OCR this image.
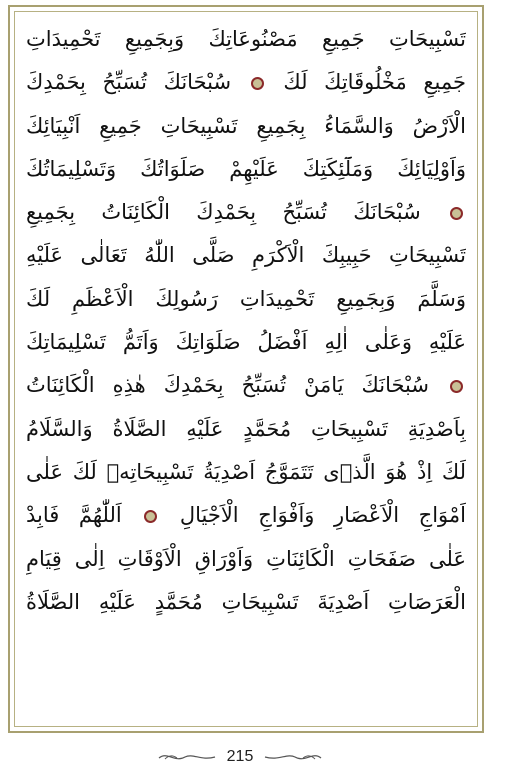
تَسْبِيحَاتِ جَمِيعِ مَصْنُوعَاتِكَ وَبِجَمِيعِ تَحْمِيدَاتِ
جَمِيعِ مَخْلُوقَاتِكَ لَكَ  سُبْحَانَكَ تُسَبِّحُ بِحَمْدِكَ
الْاَرْضُ وَالسَّمَاءُ بِجَمِيعِ تَسْبِيحَاتِ جَمِيعِ اَنْبِيَائِكَ
وَاَوْلِيَائِكَ وَمَلَٓئِكَتِكَ عَلَيْهِمْ صَلَوَاتُكَ وَتَسْلِيمَاتُكَ
سُبْحَانَكَ تُسَبِّحُ بِحَمْدِكَ الْكَائِنَاتُ بِجَمِيعِ
تَسْبِيحَاتِ حَبِيبِكَ الْاَكْرَمِ صَلَّى اللّٰهُ تَعَالٰى عَلَيْهِ
وَسَلَّمَ وَبِجَمِيعِ تَحْمِيدَاتِ رَسُولِكَ الْاَعْظَمِ لَكَ
عَلَيْهِ وَعَلٰى اٰلِهِ اَفْضَلُ صَلَوَاتِكَ وَاَتَمُّ تَسْلِيمَاتِكَ
سُبْحَانَكَ يَامَنْ تُسَبِّحُ بِحَمْدِكَ هٰذِهِ الْكَائِنَاتُ
بِاَصْدِيَةِ تَسْبِيحَاتِ مُحَمَّدٍ عَلَيْهِ الصَّلَاةُ وَالسَّلَامُ
لَكَ اِذْ هُوَ الَّذٖى تَتَمَوَّجُ اَصْدِيَةُ تَسْبِيحَاتِهٖ لَكَ عَلٰى
اَمْوَاجِ الْاَعْصَارِ وَاَفْوَاجِ الْاَجْيَالِ  اَللّٰهُمَّ فَابِدْ
عَلٰى صَفَحَاتِ الْكَائِنَاتِ وَاَوْرَاقِ الْاَوْقَاتِ اِلٰى قِيَامِ
الْعَرَصَاتِ اَصْدِيَةَ تَسْبِيحَاتِ مُحَمَّدٍ عَلَيْهِ الصَّلَاةُ
215
